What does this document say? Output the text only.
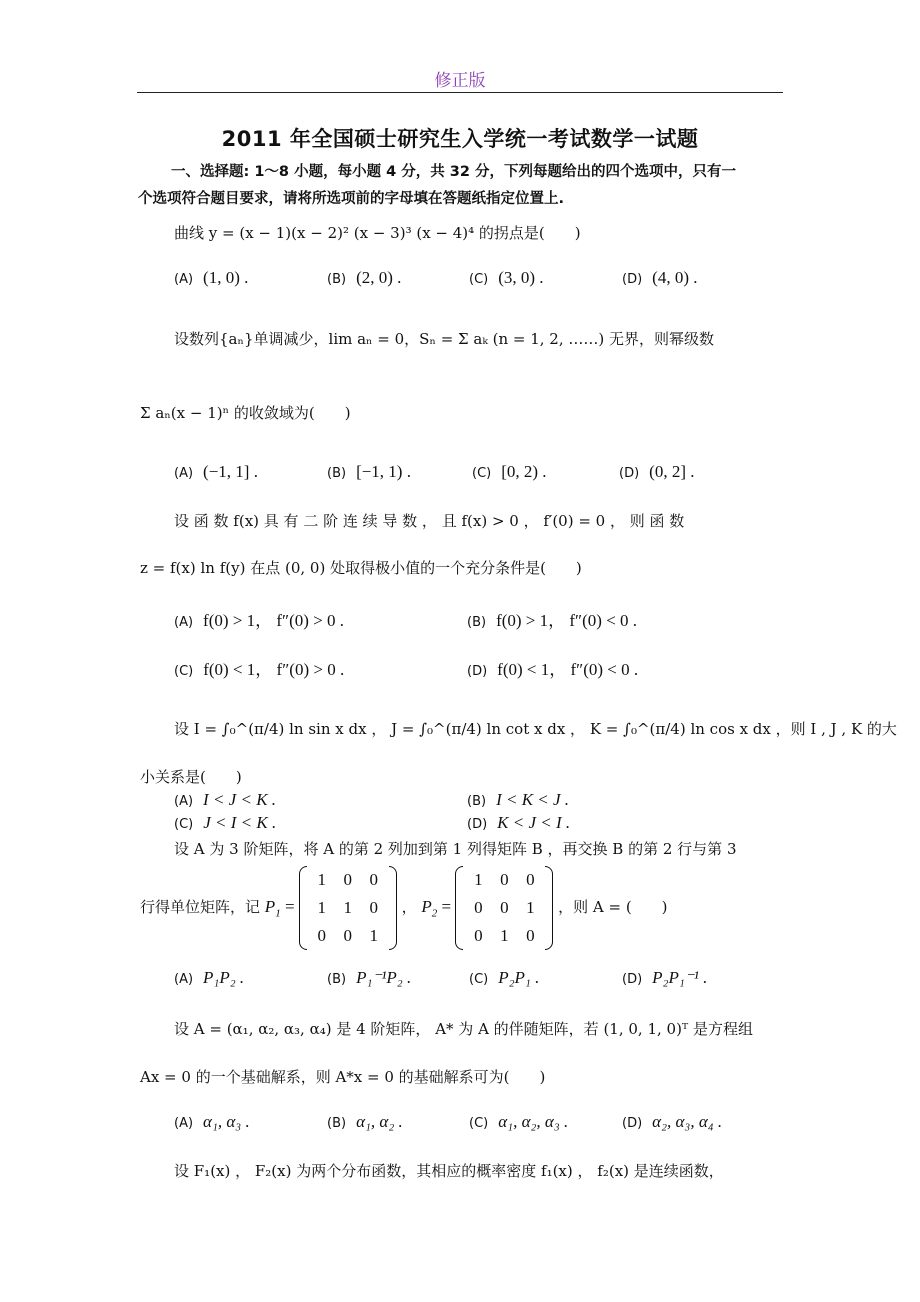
修正版
2011 年全国硕士研究生入学统一考试数学一试题
一、选择题: 1～8 小题，每小题 4 分，共 32 分，下列每题给出的四个选项中，只有一
个选项符合题目要求，请将所选项前的字母填在答题纸指定位置上.
曲线 y = (x − 1)(x − 2)² (x − 3)³ (x − 4)⁴ 的拐点是(　　)
(A) (1, 0) .	(B) (2, 0) .	(C) (3, 0) .	(D) (4, 0) .
设数列{aₙ}单调减少，lim aₙ = 0，Sₙ = Σ aₖ (n = 1, 2, ……) 无界，则幂级数
Σ aₙ(x − 1)ⁿ 的收敛域为(　　)
(A) (−1, 1] .	(B) [−1, 1) .	(C) [0, 2) .	(D) (0, 2] .
设 函 数 f(x) 具 有 二 阶 连 续 导 数 ， 且 f(x) > 0 ， f′(0) = 0 ， 则 函 数
z = f(x) ln f(y) 在点 (0, 0) 处取得极小值的一个充分条件是(　　)
(A) f(0) > 1， f″(0) > 0 .	(B) f(0) > 1， f″(0) < 0 .
(C) f(0) < 1， f″(0) > 0 .	(D) f(0) < 1， f″(0) < 0 .
设 I = ∫₀^(π/4) ln sin x dx ， J = ∫₀^(π/4) ln cot x dx ， K = ∫₀^(π/4) ln cos x dx ，则 I , J , K 的大
小关系是(　　)
(A) I < J < K .	(B) I < K < J .
(C) J < I < K .	(D) K < J < I .
设 A 为 3 阶矩阵，将 A 的第 2 列加到第 1 列得矩阵 B ，再交换 B 的第 2 行与第 3
行得单位矩阵，记 $P_1$ =
1	0	0
1	1	0
0	0	1
， $P_2$ =
1	0	0
0	0	1
0	1	0
，则 A = (　　)
(A) P₁P₂ .	(B) P₁⁻¹P₂ .	(C) P₂P₁ .	(D) P₂P₁⁻¹ .
设 A = (α₁, α₂, α₃, α₄) 是 4 阶矩阵， A* 为 A 的伴随矩阵，若 (1, 0, 1, 0)ᵀ 是方程组
Ax = 0 的一个基础解系，则 A*x = 0 的基础解系可为(　　)
(A) α₁, α₃ .	(B) α₁, α₂ .	(C) α₁, α₂, α₃ .	(D) α₂, α₃, α₄ .
设 F₁(x) ， F₂(x) 为两个分布函数，其相应的概率密度 f₁(x) ， f₂(x) 是连续函数，
